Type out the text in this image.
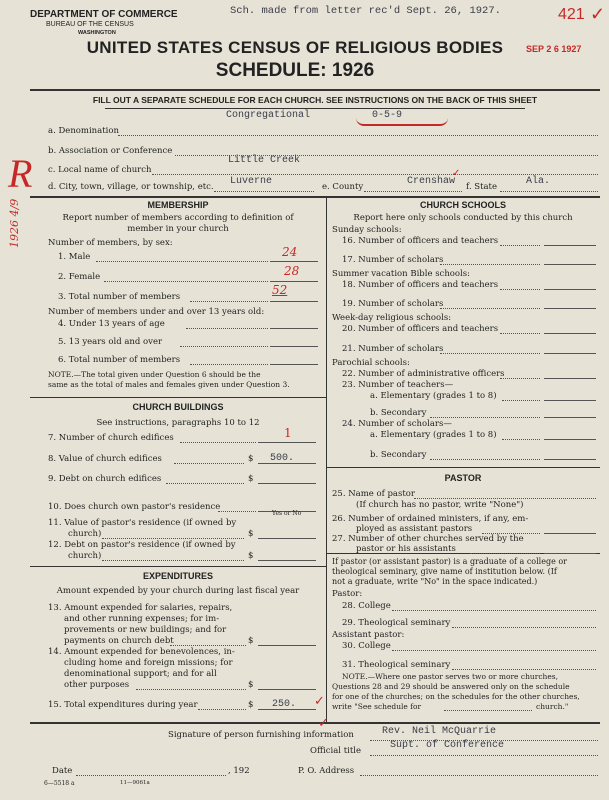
DEPARTMENT OF COMMERCE
BUREAU OF THE CENSUS
WASHINGTON
Sch. made from letter rec'd Sept. 26, 1927.	421 ✓
UNITED STATES CENSUS OF RELIGIOUS BODIES
SCHEDULE: 1926
SEP 2 6 1927
FILL OUT A SEPARATE SCHEDULE FOR EACH CHURCH. SEE INSTRUCTIONS ON THE BACK OF THIS SHEET
Congregational	0-5-9
a. Denomination
b. Association or Conference
Little Creek
c. Local name of church
Luverne
d. City, town, village, or township, etc.	e. County	Crenshaw
✓
f. State	Ala.
R
1926 4/9	MEMBERSHIP
Report number of members according to definition of
member in your church
Number of members, by sex:
1. Male	24
2. Female	28
3. Total number of members	52
Number of members under and over 13 years old:
4. Under 13 years of age
5. 13 years old and over
6. Total number of members
NOTE.—The total given under Question 6 should be the
same as the total of males and females given under Question 3.
CHURCH BUILDINGS
See instructions, paragraphs 10 to 12
7. Number of church edifices	1
8. Value of church edifices	$ 500.
9. Debt on church edifices	$
10. Does church own pastor's residence
Yes or No
11. Value of pastor's residence (if owned by
church)	$
12. Debt on pastor's residence (if owned by
church)	$
EXPENDITURES
Amount expended by your church during last fiscal year
13. Amount expended for salaries, repairs,
and other running expenses; for im-
provements or new buildings; and for
payments on church debt	$
14. Amount expended for benevolences, in-
cluding home and foreign missions; for
denominational support; and for all
other purposes	$
15. Total expenditures during year	$ 250. ✓
CHURCH SCHOOLS
Report here only schools conducted by this church
Sunday schools:
16. Number of officers and teachers
17. Number of scholars
Summer vacation Bible schools:
18. Number of officers and teachers
19. Number of scholars
Week-day religious schools:
20. Number of officers and teachers
21. Number of scholars
Parochial schools:
22. Number of administrative officers
23. Number of teachers—
a. Elementary (grades 1 to 8)
b. Secondary
24. Number of scholars—
a. Elementary (grades 1 to 8)
b. Secondary
PASTOR
25. Name of pastor
(If church has no pastor, write "None")
26. Number of ordained ministers, if any, em-
ployed as assistant pastors
27. Number of other churches served by the
pastor or his assistants
If pastor (or assistant pastor) is a graduate of a college or
theological seminary, give name of institution below. (If
not a graduate, write "No" in the space indicated.)
Pastor:
28. College
29. Theological seminary
Assistant pastor:
30. College
31. Theological seminary
NOTE.—Where one pastor serves two or more churches,
Questions 28 and 29 should be answered only on the schedule
for one of the churches; on the schedules for the other churches,
write "See schedule for	church."
Signature of person furnishing information	Rev. Neil McQuarrie
✓
Official title	Supt. of Conference
Date	, 192	P. O. Address
6—5518 a	11—9061a
